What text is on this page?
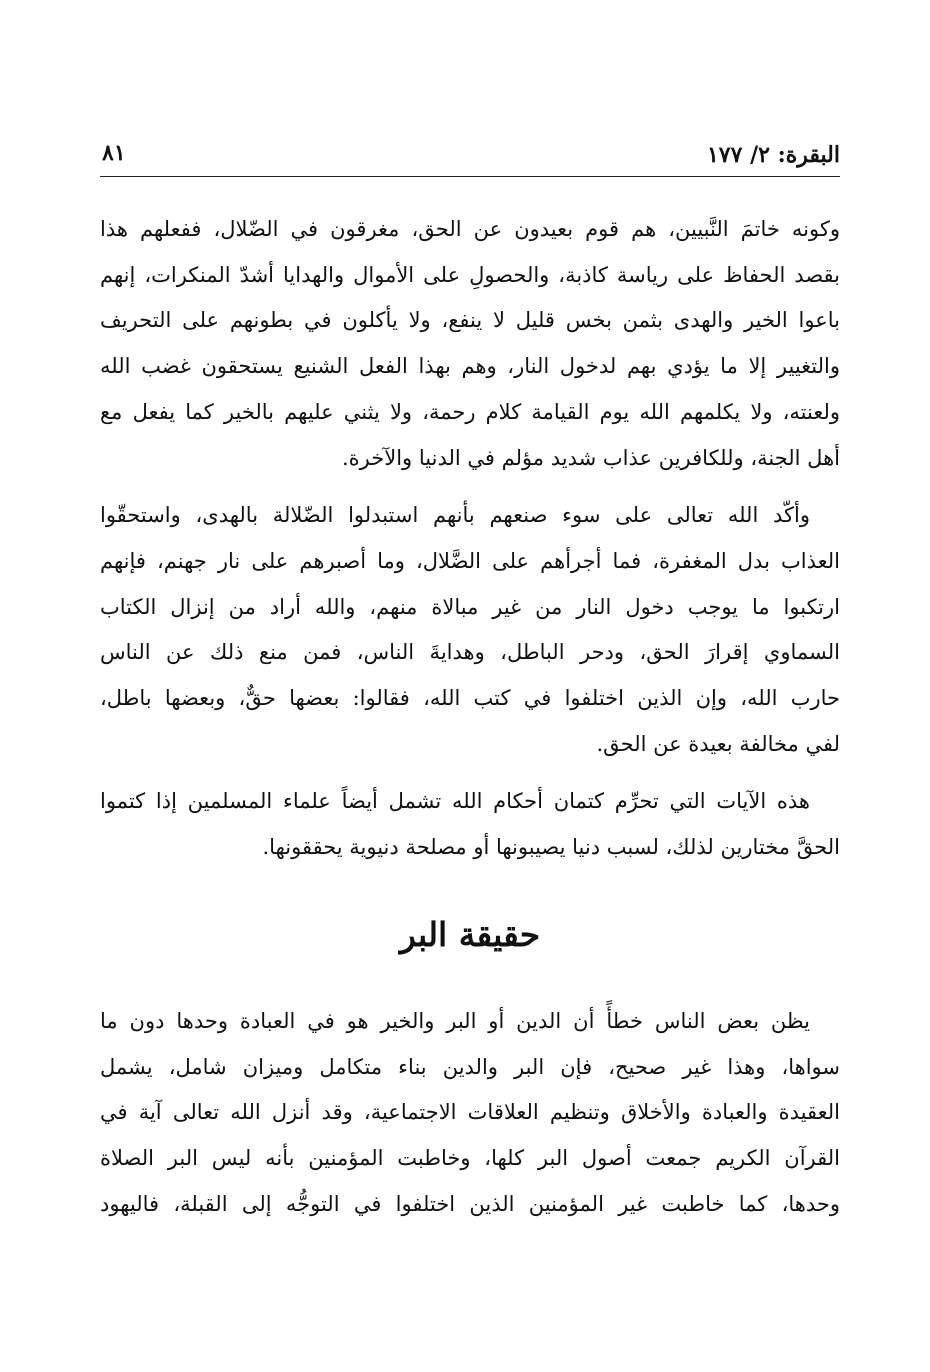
البقرة: ٢/ ١٧٧
٨١

وكونه خاتمَ النَّبيين، هم قوم بعيدون عن الحق، مغرقون في الضّلال، ففعلهم هذا
بقصد الحفاظ على رياسة كاذبة، والحصولِ على الأموال والهدايا أشدّ المنكرات، إنهم
باعوا الخير والهدى بثمن بخس قليل لا ينفع، ولا يأكلون في بطونهم على التحريف
والتغيير إلا ما يؤدي بهم لدخول النار، وهم بهذا الفعل الشنيع يستحقون غضب الله
ولعنته، ولا يكلمهم الله يوم القيامة كلام رحمة، ولا يثني عليهم بالخير كما يفعل مع
أهل الجنة، وللكافرين عذاب شديد مؤلم في الدنيا والآخرة.

وأكّد الله تعالى على سوء صنعهم بأنهم استبدلوا الضّلالة بالهدى، واستحقّوا
العذاب بدل المغفرة، فما أجرأهم على الضَّلال، وما أصبرهم على نار جهنم، فإنهم
ارتكبوا ما يوجب دخول النار من غير مبالاة منهم، والله أراد من إنزال الكتاب
السماوي إقرارَ الحق، ودحر الباطل، وهدايةَ الناس، فمن منع ذلك عن الناس
حارب الله، وإن الذين اختلفوا في كتب الله، فقالوا: بعضها حقٌّ، وبعضها باطل،
لفي مخالفة بعيدة عن الحق.

هذه الآيات التي تحرِّم كتمان أحكام الله تشمل أيضاً علماء المسلمين إذا كتموا
الحقَّ مختارين لذلك، لسبب دنيا يصيبونها أو مصلحة دنيوية يحققونها.

حقيقة البر

يظن بعض الناس خطأً أن الدين أو البر والخير هو في العبادة وحدها دون ما
سواها، وهذا غير صحيح، فإن البر والدين بناء متكامل وميزان شامل، يشمل
العقيدة والعبادة والأخلاق وتنظيم العلاقات الاجتماعية، وقد أنزل الله تعالى آية في
القرآن الكريم جمعت أصول البر كلها، وخاطبت المؤمنين بأنه ليس البر الصلاة
وحدها، كما خاطبت غير المؤمنين الذين اختلفوا في التوجُّه إلى القبلة، فاليهود
